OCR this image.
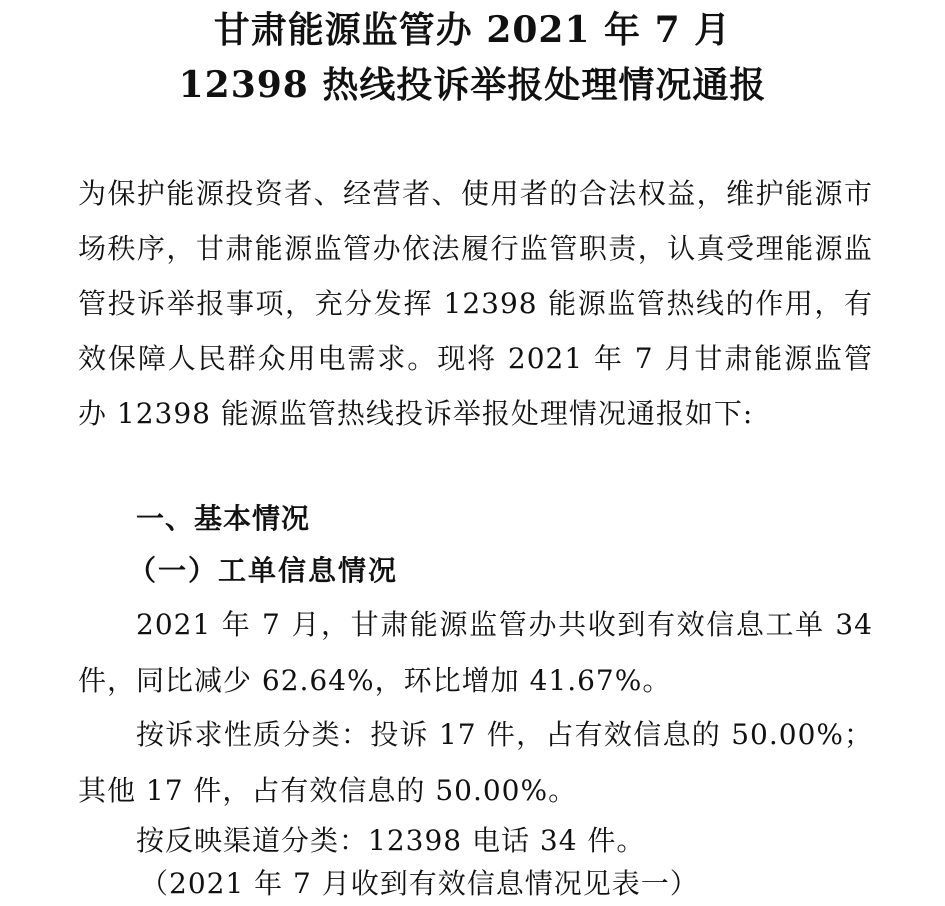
甘肃能源监管办 2021 年 7 月
12398 热线投诉举报处理情况通报

为保护能源投资者、经营者、使用者的合法权益，维护能源市场秩序，甘肃能源监管办依法履行监管职责，认真受理能源监管投诉举报事项，充分发挥 12398 能源监管热线的作用，有效保障人民群众用电需求。现将 2021 年 7 月甘肃能源监管办 12398 能源监管热线投诉举报处理情况通报如下:

一、基本情况
（一）工单信息情况

2021 年 7 月，甘肃能源监管办共收到有效信息工单 34 件，同比减少 62.64%，环比增加 41.67%。

按诉求性质分类：投诉 17 件，占有效信息的 50.00%；其他 17 件，占有效信息的 50.00%。

按反映渠道分类：12398 电话 34 件。

（2021 年 7 月收到有效信息情况见表一）
